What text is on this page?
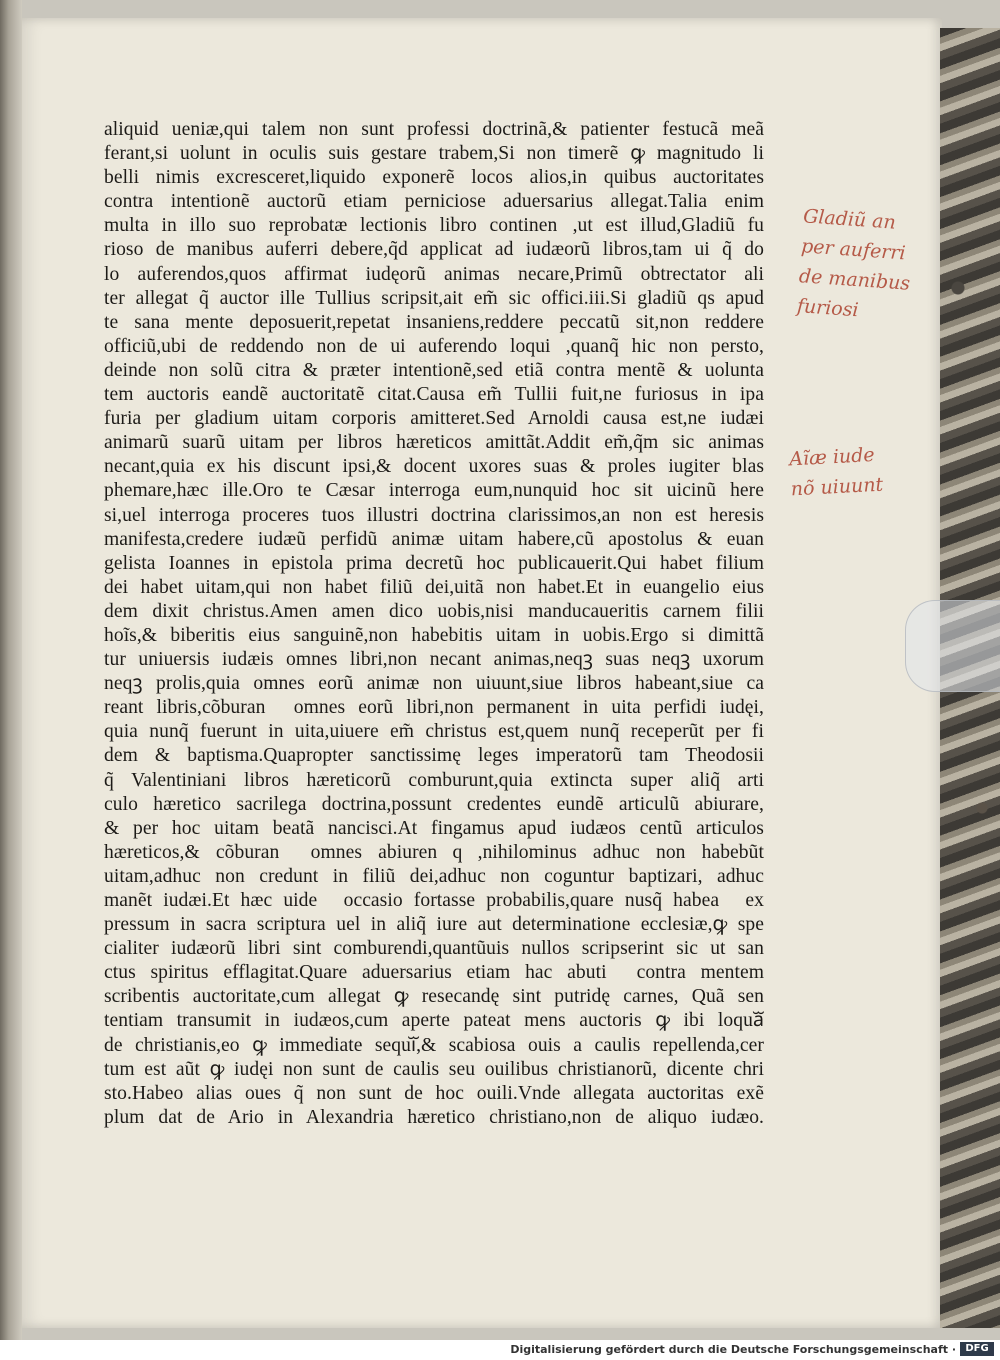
aliquid ueniæ,qui talem non sunt professi doctrinã,& patienter festucã meã
ferant,si uolunt in oculis suis gestare trabem,Si non timerẽ ꝙ magnitudo li
belli nimis excresceret,liquido exponerẽ locos alios,in quibus auctoritates
contra intentionẽ auctorũ etiam perniciose aduersarius allegat.Talia enim
multa in illo suo reprobatæ lectionis libro continenᷓ,ut est illud,Gladiũ fu
rioso de manibus auferri debere,q̃d applicat ad iudæorũ libros,tam ui q̃ do
lo auferendos,quos affirmat iudęorũ animas necare,Primũ obtrectator ali
ter allegat q̃ auctor ille Tullius scripsit,ait em̃ sic offici.iii.Si gladiũ qs apud
te sana mente deposuerit,repetat insaniens,reddere peccatũ sit,non reddere
officiũ,ubi de reddendo non de ui auferendo loquiᷓ,quanq̃ hic non persto,
deinde non solũ citra & præter intentionẽ,sed etiã contra mentẽ & uolunta
tem auctoris eandẽ auctoritatẽ citat.Causa em̃ Tullii fuit,ne furiosus in ipa
furia per gladium uitam corporis amitteret.Sed Arnoldi causa est,ne iudæi
animarũ suarũ uitam per libros hæreticos amittãt.Addit em̃,q̃m sic animas
necant,quia ex his discunt ipsi,& docent uxores suas & proles iugiter blas
phemare,hæc ille.Oro te Cæsar interroga eum,nunquid hoc sit uicinũ here
si,uel interroga proceres tuos illustri doctrina clarissimos,an non est heresis
manifesta,credere iudæũ perfidũ animæ uitam habere,cũ apostolus & euan
gelista Ioannes in epistola prima decretũ hoc publicauerit.Qui habet filium
dei habet uitam,qui non habet filiũ dei,uitã non habet.Et in euangelio eius
dem dixit christus.Amen amen dico uobis,nisi manducaueritis carnem filii
hoĩs,& biberitis eius sanguinẽ,non habebitis uitam in uobis.Ergo si dimittã
tur uniuersis iudæis omnes libri,non necant animas,neqꝫ suas neqꝫ uxorum
neqꝫ prolis,quia omnes eorũ animæ non uiuunt,siue libros habeant,siue ca
reant libris,cõburanᷓ omnes eorũ libri,non permanent in uita perfidi iudęi,
quia nunq̃ fuerunt in uita,uiuere em̃ christus est,quem nunq̃ receperũt per fi
dem & baptisma.Quapropter sanctissimę leges imperatorũ tam Theodosii
q̃ Valentiniani libros hæreticorũ comburunt,quia extincta super aliq̃ arti
culo hæretico sacrilega doctrina,possunt credentes eundẽ articulũ abiurare,
& per hoc uitam beatã nancisci.At fingamus apud iudæos centũ articulos
hæreticos,& cõburanᷓ omnes abiurenᷓqꝫ,nihilominus adhuc non habebũt
uitam,adhuc non credunt in filiũ dei,adhuc non coguntur baptizari, adhuc
manẽt iudæi.Et hæc uideᷓ occasio fortasse probabilis,quare nusq̃ habeaᷓ ex
pressum in sacra scriptura uel in aliq̃ iure aut determinatione ecclesiæ,ꝙ spe
cialiter iudæorũ libri sint comburendi,quantũuis nullos scripserint sic ut san
ctus spiritus efflagitat.Quare aduersarius etiam hac abutiᷓ contra mentem
scribentis auctoritate,cum allegat ꝙ resecandę sint putridę carnes, Quã sen
tentiam transumit in iudæos,cum aperte pateat mens auctoris ꝙ ibi loquaᷓ
de christianis,eo ꝙ immediate sequiᷓ,& scabiosa ouis a caulis repellenda,cer
tum est aũt ꝙ iudęi non sunt de caulis seu ouilibus christianorũ, dicente chri
sto.Habeo alias oues q̃ non sunt de hoc ouili.Vnde allegata auctoritas exẽ
plum dat de Ario in Alexandria hæretico christiano,non de aliquo iudæo.
Gladiũ an
per auferri
de manibus
furiosi
Aĩæ iude
nõ uiuunt
Digitalisierung gefördert durch die Deutsche Forschungsgemeinschaft · DFG
